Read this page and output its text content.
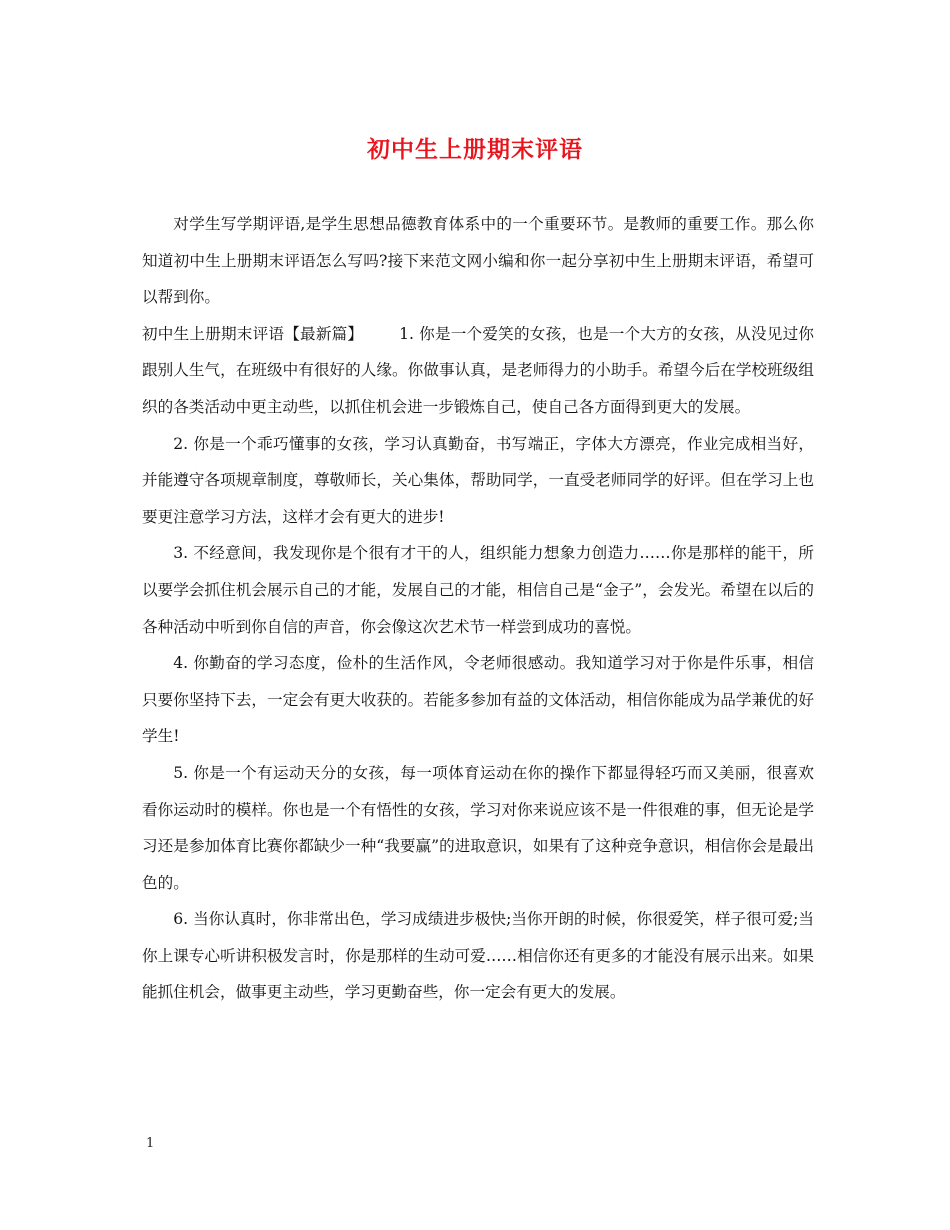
初中生上册期末评语

对学生写学期评语,是学生思想品德教育体系中的一个重要环节。是教师的重要工作。那么你知道初中生上册期末评语怎么写吗?接下来范文网小编和你一起分享初中生上册期末评语，希望可以帮到你。

初中生上册期末评语【最新篇】 1. 你是一个爱笑的女孩，也是一个大方的女孩，从没见过你跟别人生气，在班级中有很好的人缘。你做事认真，是老师得力的小助手。希望今后在学校班级组织的各类活动中更主动些，以抓住机会进一步锻炼自己，使自己各方面得到更大的发展。

2. 你是一个乖巧懂事的女孩，学习认真勤奋，书写端正，字体大方漂亮，作业完成相当好，并能遵守各项规章制度，尊敬师长，关心集体，帮助同学，一直受老师同学的好评。但在学习上也要更注意学习方法，这样才会有更大的进步!

3. 不经意间，我发现你是个很有才干的人，组织能力想象力创造力……你是那样的能干，所以要学会抓住机会展示自己的才能，发展自己的才能，相信自己是“金子”，会发光。希望在以后的各种活动中听到你自信的声音，你会像这次艺术节一样尝到成功的喜悦。

4. 你勤奋的学习态度，俭朴的生活作风，令老师很感动。我知道学习对于你是件乐事，相信只要你坚持下去，一定会有更大收获的。若能多参加有益的文体活动，相信你能成为品学兼优的好学生!

5. 你是一个有运动天分的女孩，每一项体育运动在你的操作下都显得轻巧而又美丽，很喜欢看你运动时的模样。你也是一个有悟性的女孩，学习对你来说应该不是一件很难的事，但无论是学习还是参加体育比赛你都缺少一种“我要赢”的进取意识，如果有了这种竞争意识，相信你会是最出色的。

6. 当你认真时，你非常出色，学习成绩进步极快;当你开朗的时候，你很爱笑，样子很可爱;当你上课专心听讲积极发言时，你是那样的生动可爱……相信你还有更多的才能没有展示出来。如果能抓住机会，做事更主动些，学习更勤奋些，你一定会有更大的发展。

1
